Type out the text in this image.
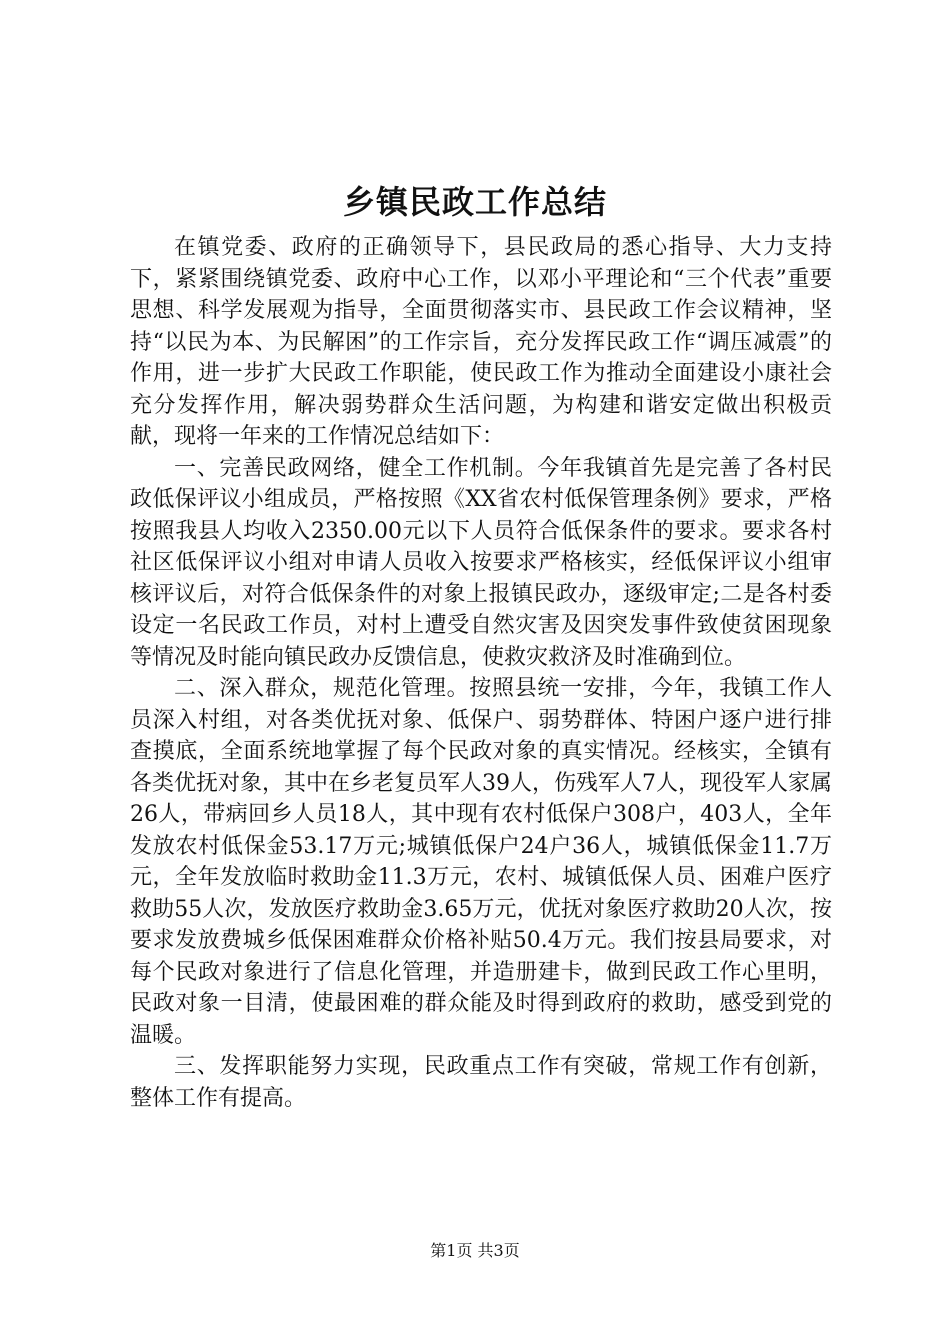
乡镇民政工作总结

在镇党委、政府的正确领导下，县民政局的悉心指导、大力支持下，紧紧围绕镇党委、政府中心工作，以邓小平理论和“三个代表”重要思想、科学发展观为指导，全面贯彻落实市、县民政工作会议精神，坚持“以民为本、为民解困”的工作宗旨，充分发挥民政工作“调压减震”的作用，进一步扩大民政工作职能，使民政工作为推动全面建设小康社会充分发挥作用，解决弱势群众生活问题，为构建和谐安定做出积极贡献，现将一年来的工作情况总结如下：

一、完善民政网络，健全工作机制。今年我镇首先是完善了各村民政低保评议小组成员，严格按照《XX省农村低保管理条例》要求，严格按照我县人均收入2350.00元以下人员符合低保条件的要求。要求各村社区低保评议小组对申请人员收入按要求严格核实，经低保评议小组审核评议后，对符合低保条件的对象上报镇民政办，逐级审定;二是各村委设定一名民政工作员，对村上遭受自然灾害及因突发事件致使贫困现象等情况及时能向镇民政办反馈信息，使救灾救济及时准确到位。

二、深入群众，规范化管理。按照县统一安排，今年，我镇工作人员深入村组，对各类优抚对象、低保户、弱势群体、特困户逐户进行排查摸底，全面系统地掌握了每个民政对象的真实情况。经核实，全镇有各类优抚对象，其中在乡老复员军人39人，伤残军人7人，现役军人家属26人，带病回乡人员18人，其中现有农村低保户308户，403人，全年发放农村低保金53.17万元;城镇低保户24户36人，城镇低保金11.7万元，全年发放临时救助金11.3万元，农村、城镇低保人员、困难户医疗救助55人次，发放医疗救助金3.65万元，优抚对象医疗救助20人次，按要求发放费城乡低保困难群众价格补贴50.4万元。我们按县局要求，对每个民政对象进行了信息化管理，并造册建卡，做到民政工作心里明，民政对象一目清，使最困难的群众能及时得到政府的救助，感受到党的温暖。

三、发挥职能努力实现，民政重点工作有突破，常规工作有创新，整体工作有提高。

第1页 共3页
